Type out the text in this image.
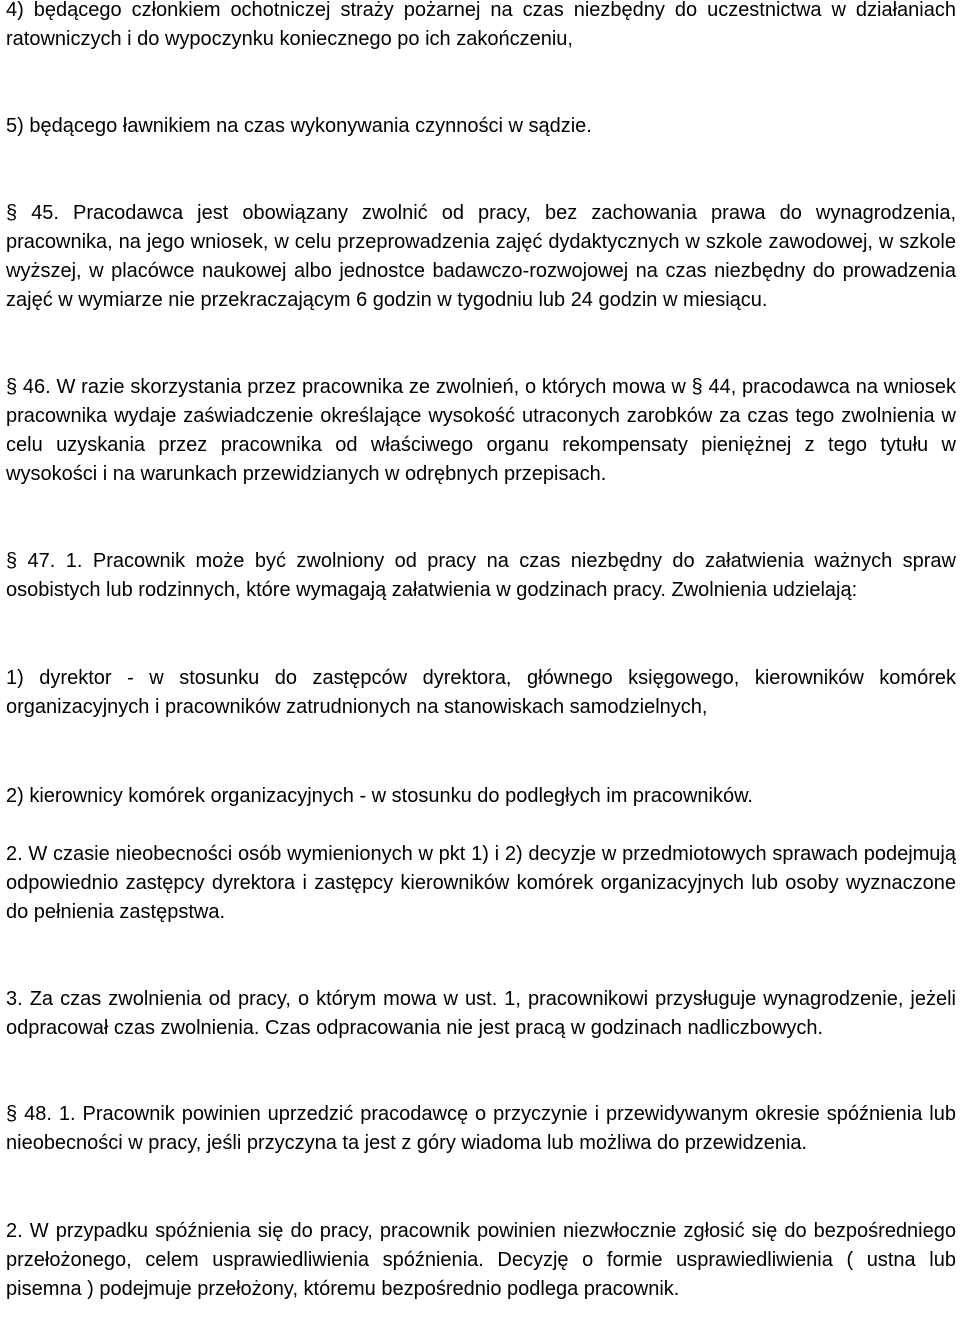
4) będącego członkiem ochotniczej straży pożarnej na czas niezbędny do uczestnictwa w działaniach ratowniczych i do wypoczynku koniecznego po ich zakończeniu,

5) będącego ławnikiem na czas wykonywania czynności w sądzie.

§ 45. Pracodawca jest obowiązany zwolnić od pracy, bez zachowania prawa do wynagrodzenia, pracownika, na jego wniosek, w celu przeprowadzenia zajęć dydaktycznych w szkole zawodowej, w szkole wyższej, w placówce naukowej albo jednostce badawczo-rozwojowej na czas niezbędny do prowadzenia zajęć w wymiarze nie przekraczającym 6 godzin w tygodniu lub 24 godzin w miesiącu.

§ 46. W razie skorzystania przez pracownika ze zwolnień, o których mowa w § 44, pracodawca na wniosek pracownika wydaje zaświadczenie określające wysokość utraconych zarobków za czas tego zwolnienia w celu uzyskania przez pracownika od właściwego organu rekompensaty pieniężnej z tego tytułu w wysokości i na warunkach przewidzianych w odrębnych przepisach.

§ 47. 1. Pracownik może być zwolniony od pracy na czas niezbędny do załatwienia ważnych spraw osobistych lub rodzinnych, które wymagają załatwienia w godzinach pracy. Zwolnienia udzielają:

1) dyrektor - w stosunku do zastępców dyrektora, głównego księgowego, kierowników komórek organizacyjnych i pracowników zatrudnionych na stanowiskach samodzielnych,

2) kierownicy komórek organizacyjnych - w stosunku do podległych im pracowników.

2. W czasie nieobecności osób wymienionych w pkt 1) i 2) decyzje w przedmiotowych sprawach podejmują odpowiednio zastępcy dyrektora i zastępcy kierowników komórek organizacyjnych lub osoby wyznaczone do pełnienia zastępstwa.

3. Za czas zwolnienia od pracy, o którym mowa w ust. 1, pracownikowi przysługuje wynagrodzenie, jeżeli odpracował czas zwolnienia. Czas odpracowania nie jest pracą w godzinach nadliczbowych.

§ 48. 1. Pracownik powinien uprzedzić pracodawcę o przyczynie i przewidywanym okresie spóźnienia lub nieobecności w pracy, jeśli przyczyna ta jest z góry wiadoma lub możliwa do przewidzenia.

2. W przypadku spóźnienia się do pracy, pracownik powinien niezwłocznie zgłosić się do bezpośredniego przełożonego, celem usprawiedliwienia spóźnienia. Decyzję o formie usprawiedliwienia ( ustna lub pisemna ) podejmuje przełożony, któremu bezpośrednio podlega pracownik.
